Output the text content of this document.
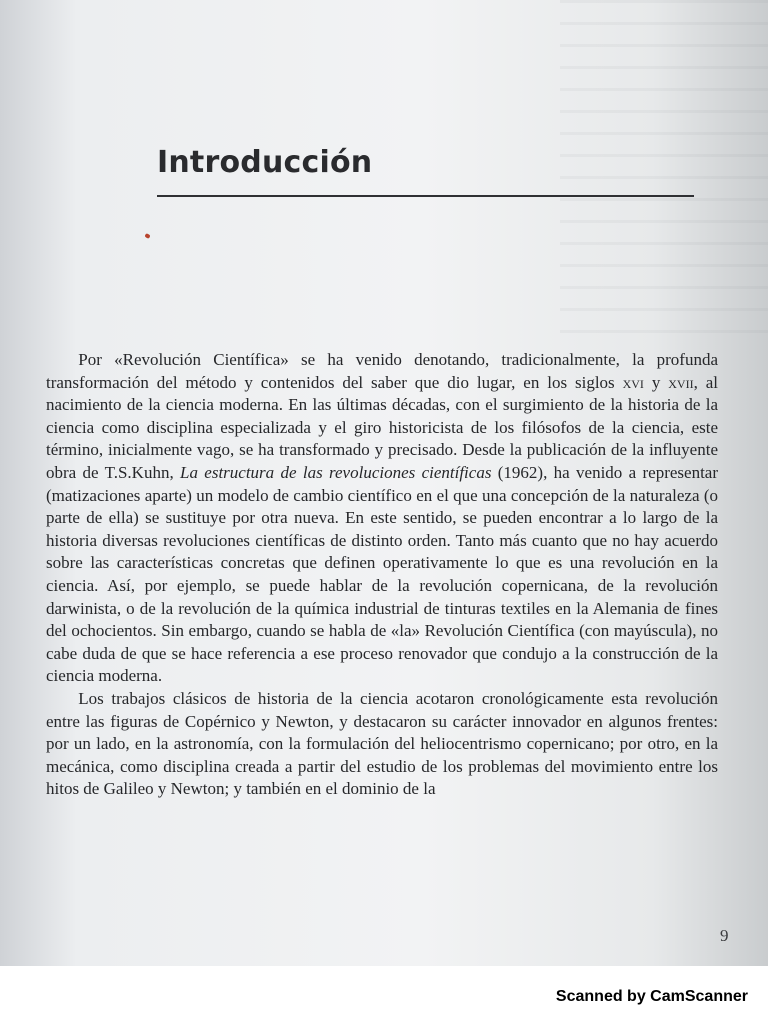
Introducción

Por «Revolución Científica» se ha venido denotando, tradicionalmente, la profunda transformación del método y contenidos del saber que dio lugar, en los siglos xvi y xvii, al nacimiento de la ciencia moderna. En las últimas décadas, con el surgimiento de la historia de la ciencia como disciplina especializada y el giro historicista de los filósofos de la ciencia, este término, inicialmente vago, se ha transformado y precisado. Desde la publicación de la influyente obra de T.S.Kuhn, La estructura de las revoluciones científicas (1962), ha venido a representar (matizaciones aparte) un modelo de cambio científico en el que una concepción de la naturaleza (o parte de ella) se sustituye por otra nueva. En este sentido, se pueden encontrar a lo largo de la historia diversas revoluciones científicas de distinto orden. Tanto más cuanto que no hay acuerdo sobre las características concretas que definen operativamente lo que es una revolución en la ciencia. Así, por ejemplo, se puede hablar de la revolución copernicana, de la revolución darwinista, o de la revolución de la química industrial de tinturas textiles en la Alemania de fines del ochocientos. Sin embargo, cuando se habla de «la» Revolución Científica (con mayúscula), no cabe duda de que se hace referencia a ese proceso renovador que condujo a la construcción de la ciencia moderna.

Los trabajos clásicos de historia de la ciencia acotaron cronológicamente esta revolución entre las figuras de Copérnico y Newton, y destacaron su carácter innovador en algunos frentes: por un lado, en la astronomía, con la formulación del heliocentrismo copernicano; por otro, en la mecánica, como disciplina creada a partir del estudio de los problemas del movimiento entre los hitos de Galileo y Newton; y también en el dominio de la

9
Scanned by CamScanner
